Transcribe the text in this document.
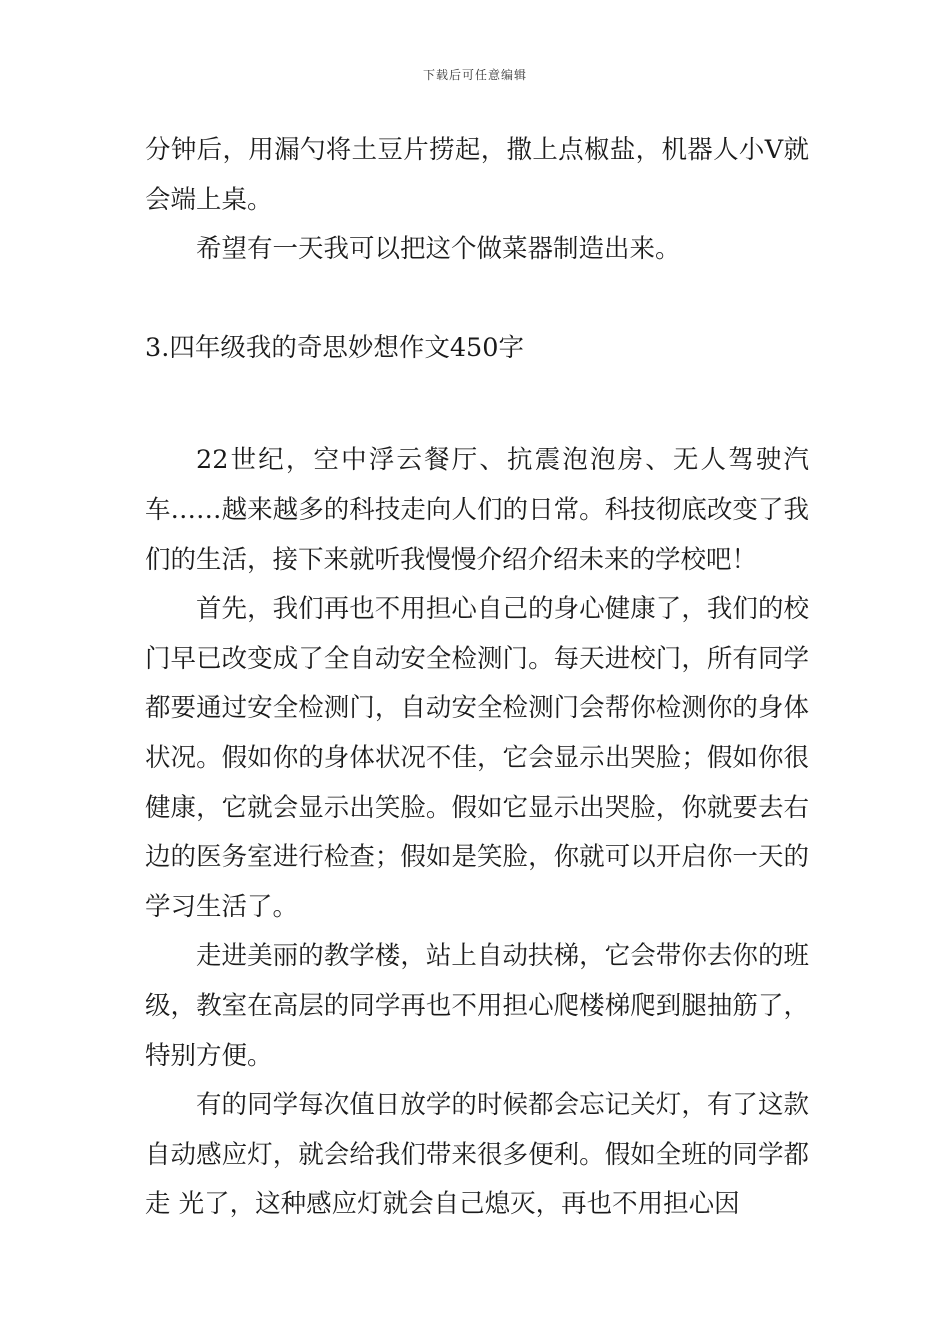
下载后可任意编辑

分钟后，用漏勺将土豆片捞起，撒上点椒盐，机器人小V就会端上桌。

希望有一天我可以把这个做菜器制造出来。

3.四年级我的奇思妙想作文450字

22世纪，空中浮云餐厅、抗震泡泡房、无人驾驶汽车……越来越多的科技走向人们的日常。科技彻底改变了我们的生活，接下来就听我慢慢介绍介绍未来的学校吧！

首先，我们再也不用担心自己的身心健康了，我们的校门早已改变成了全自动安全检测门。每天进校门，所有同学都要通过安全检测门，自动安全检测门会帮你检测你的身体状况。假如你的身体状况不佳，它会显示出哭脸；假如你很健康，它就会显示出笑脸。假如它显示出哭脸，你就要去右边的医务室进行检查；假如是笑脸，你就可以开启你一天的学习生活了。

走进美丽的教学楼，站上自动扶梯，它会带你去你的班级，教室在高层的同学再也不用担心爬楼梯爬到腿抽筋了，特别方便。

有的同学每次值日放学的时候都会忘记关灯，有了这款自动感应灯，就会给我们带来很多便利。假如全班的同学都走 光了，这种感应灯就会自己熄灭，再也不用担心因
